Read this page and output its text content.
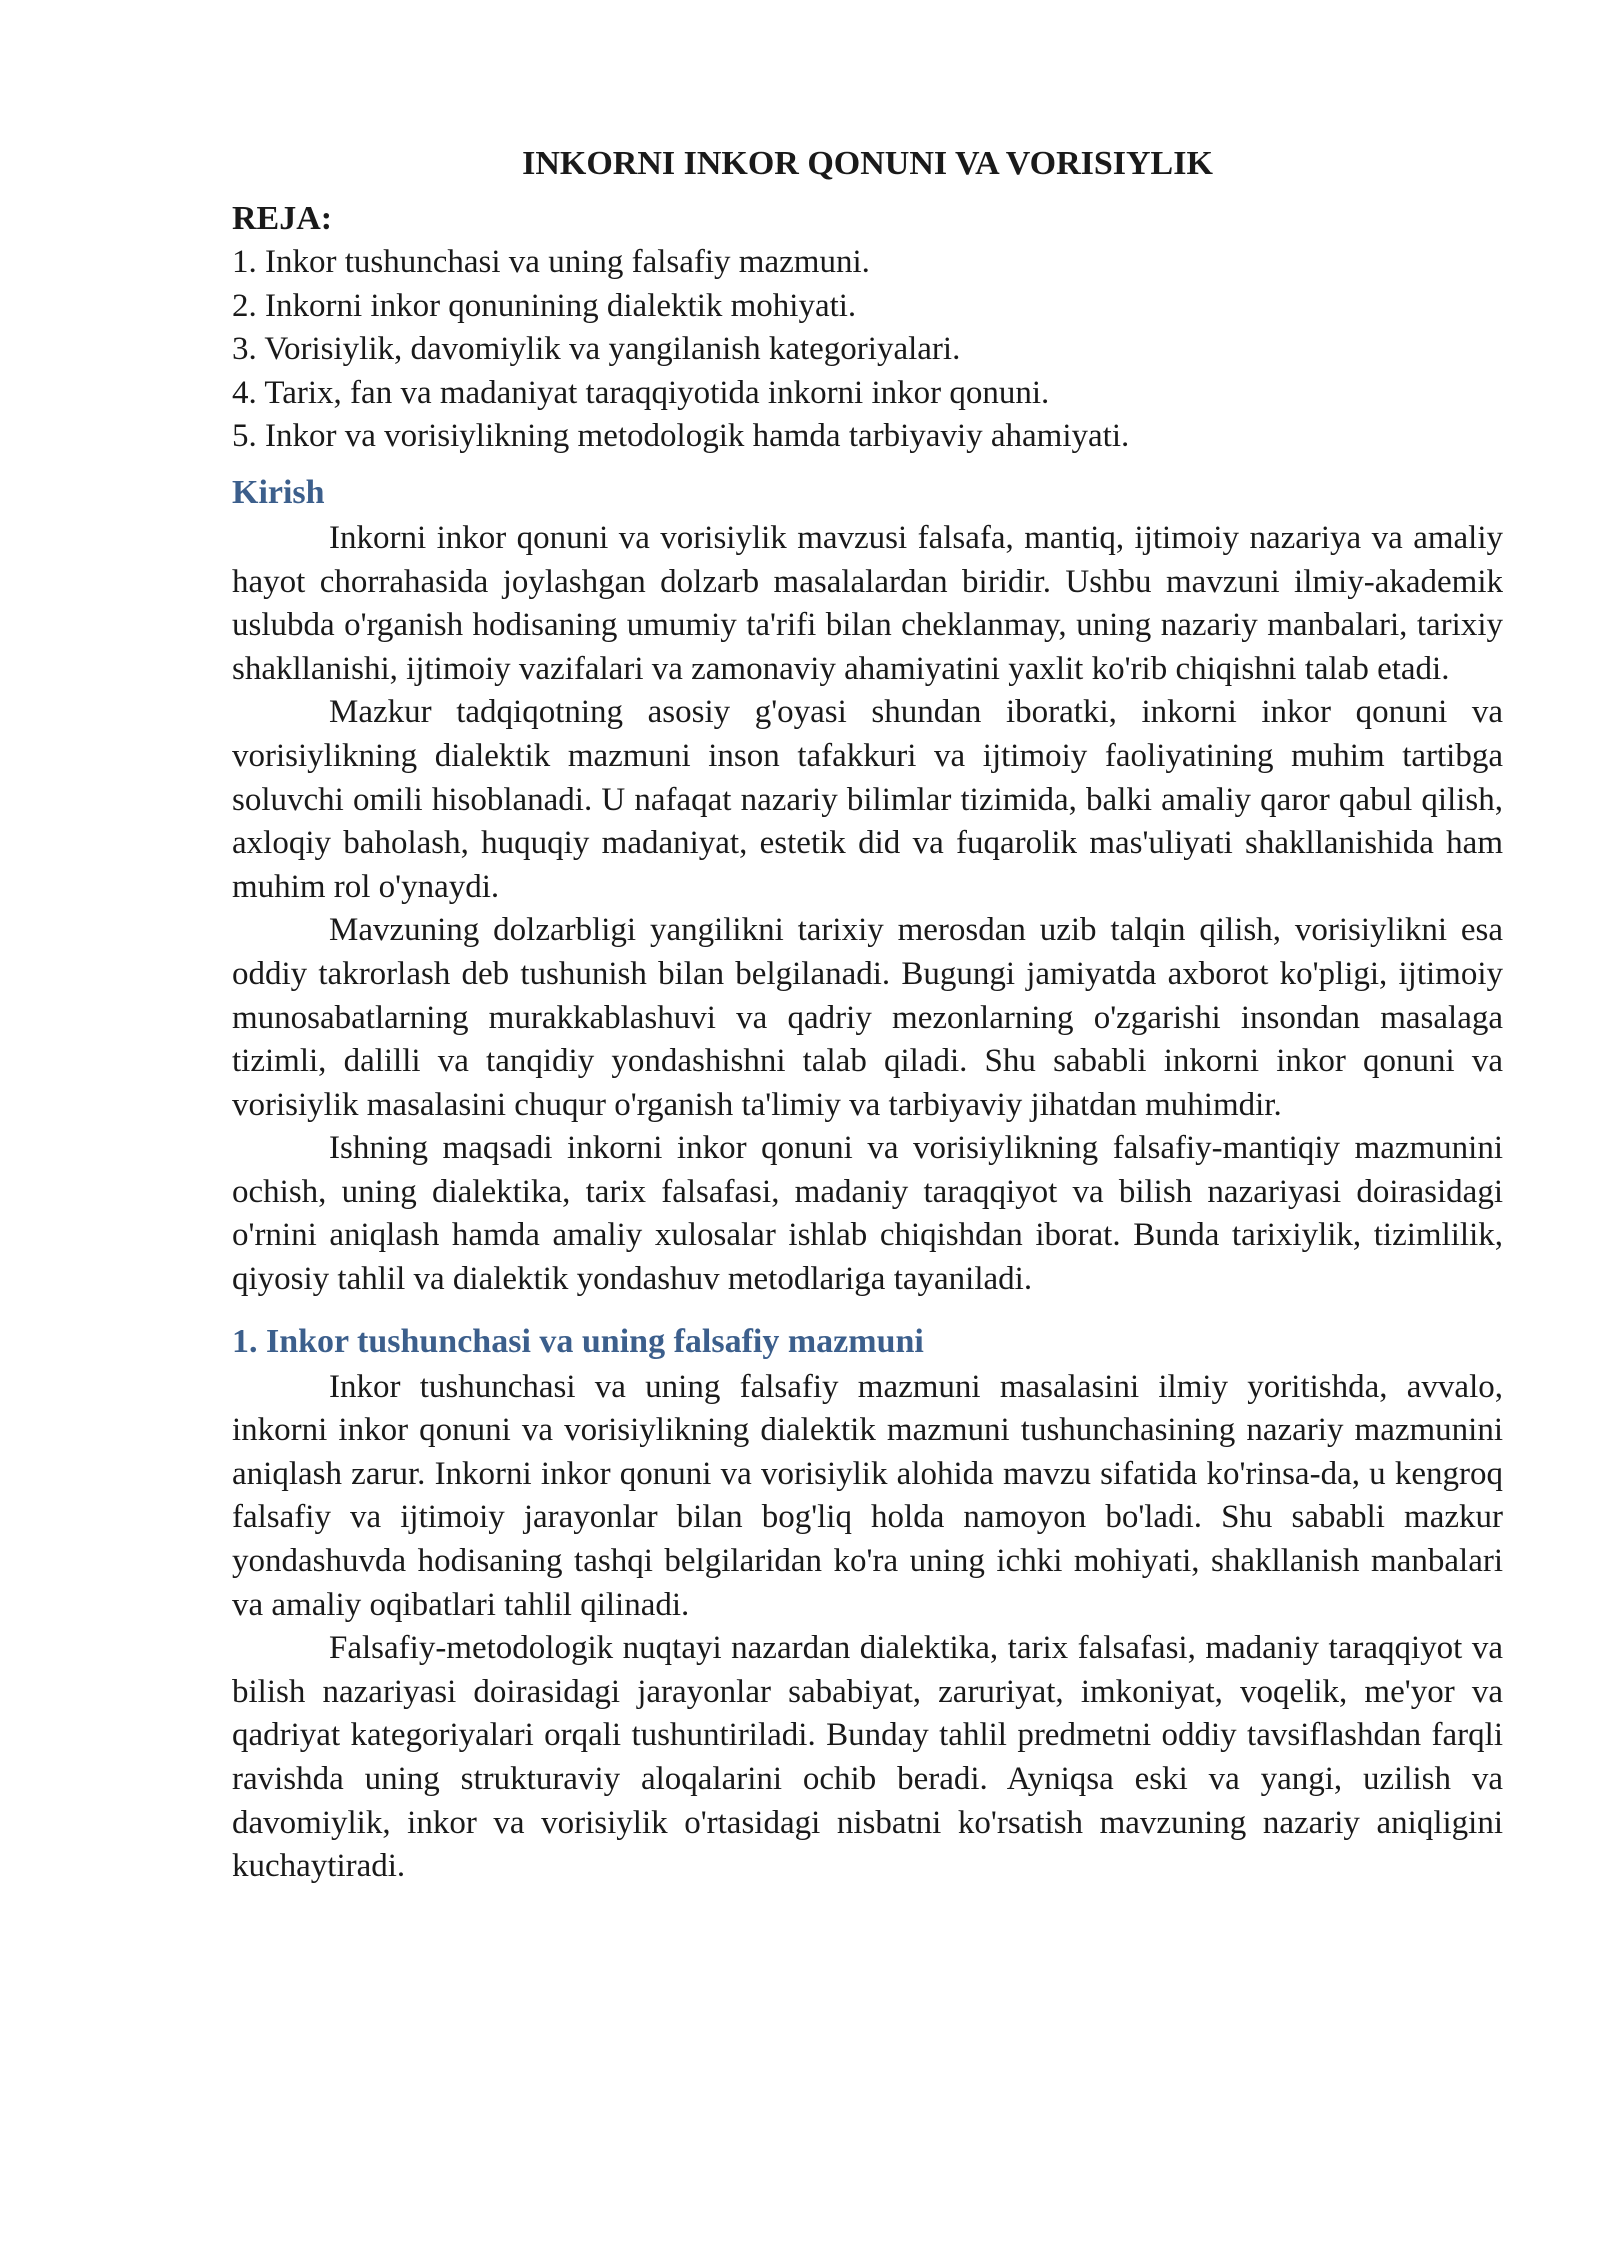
INKORNI INKOR QONUNI VA VORISIYLIK
REJA:
1. Inkor tushunchasi va uning falsafiy mazmuni.
2. Inkorni inkor qonunining dialektik mohiyati.
3. Vorisiylik, davomiylik va yangilanish kategoriyalari.
4. Tarix, fan va madaniyat taraqqiyotida inkorni inkor qonuni.
5. Inkor va vorisiylikning metodologik hamda tarbiyaviy ahamiyati.
Kirish

Inkorni inkor qonuni va vorisiylik mavzusi falsafa, mantiq, ijtimoiy nazariya va amaliy hayot chorrahasida joylashgan dolzarb masalalardan biridir. Ushbu mavzuni ilmiy-akademik uslubda o'rganish hodisaning umumiy ta'rifi bilan cheklanmay, uning nazariy manbalari, tarixiy shakllanishi, ijtimoiy vazifalari va zamonaviy ahamiyatini yaxlit ko'rib chiqishni talab etadi.

Mazkur tadqiqotning asosiy g'oyasi shundan iboratki, inkorni inkor qonuni va vorisiylikning dialektik mazmuni inson tafakkuri va ijtimoiy faoliyatining muhim tartibga soluvchi omili hisoblanadi. U nafaqat nazariy bilimlar tizimida, balki amaliy qaror qabul qilish, axloqiy baholash, huquqiy madaniyat, estetik did va fuqarolik mas'uliyati shakllanishida ham muhim rol o'ynaydi.

Mavzuning dolzarbligi yangilikni tarixiy merosdan uzib talqin qilish, vorisiylikni esa oddiy takrorlash deb tushunish bilan belgilanadi. Bugungi jamiyatda axborot ko'pligi, ijtimoiy munosabatlarning murakkablashuvi va qadriy mezonlarning o'zgarishi insondan masalaga tizimli, dalilli va tanqidiy yondashishni talab qiladi. Shu sababli inkorni inkor qonuni va vorisiylik masalasini chuqur o'rganish ta'limiy va tarbiyaviy jihatdan muhimdir.

Ishning maqsadi inkorni inkor qonuni va vorisiylikning falsafiy-mantiqiy mazmunini ochish, uning dialektika, tarix falsafasi, madaniy taraqqiyot va bilish nazariyasi doirasidagi o'rnini aniqlash hamda amaliy xulosalar ishlab chiqishdan iborat. Bunda tarixiylik, tizimlilik, qiyosiy tahlil va dialektik yondashuv metodlariga tayaniladi.

1. Inkor tushunchasi va uning falsafiy mazmuni

Inkor tushunchasi va uning falsafiy mazmuni masalasini ilmiy yoritishda, avvalo, inkorni inkor qonuni va vorisiylikning dialektik mazmuni tushunchasining nazariy mazmunini aniqlash zarur. Inkorni inkor qonuni va vorisiylik alohida mavzu sifatida ko'rinsa-da, u kengroq falsafiy va ijtimoiy jarayonlar bilan bog'liq holda namoyon bo'ladi. Shu sababli mazkur yondashuvda hodisaning tashqi belgilaridan ko'ra uning ichki mohiyati, shakllanish manbalari va amaliy oqibatlari tahlil qilinadi.

Falsafiy-metodologik nuqtayi nazardan dialektika, tarix falsafasi, madaniy taraqqiyot va bilish nazariyasi doirasidagi jarayonlar sababiyat, zaruriyat, imkoniyat, voqelik, me'yor va qadriyat kategoriyalari orqali tushuntiriladi. Bunday tahlil predmetni oddiy tavsiflashdan farqli ravishda uning strukturaviy aloqalarini ochib beradi. Ayniqsa eski va yangi, uzilish va davomiylik, inkor va vorisiylik o'rtasidagi nisbatni ko'rsatish mavzuning nazariy aniqligini kuchaytiradi.
